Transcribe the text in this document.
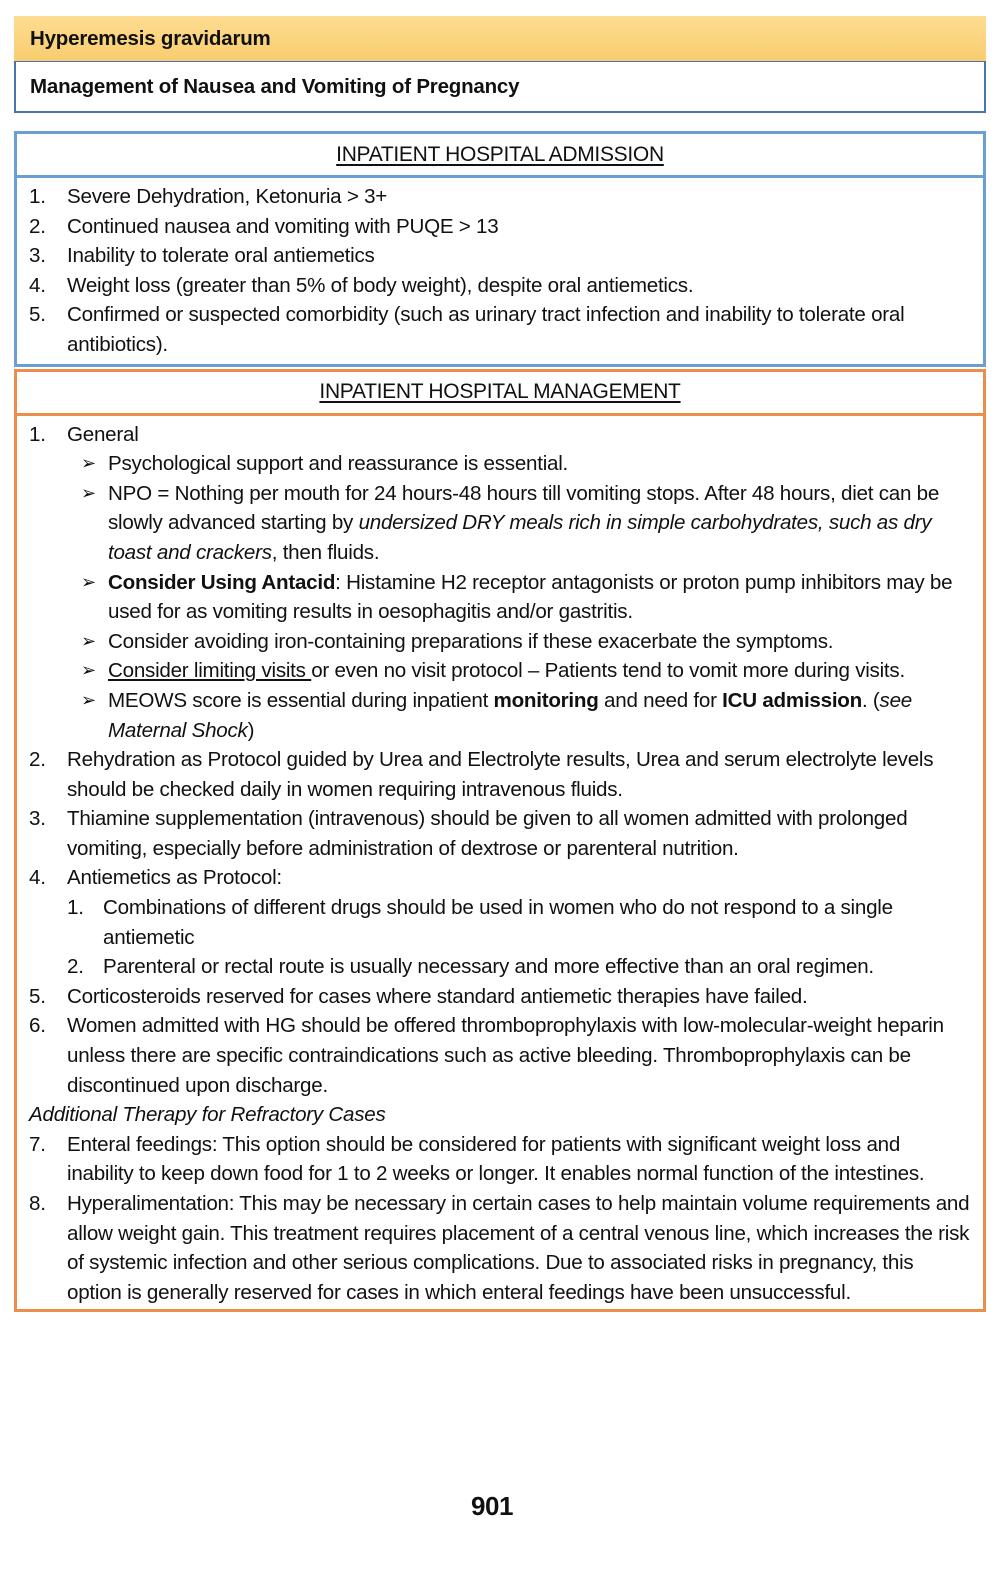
Hyperemesis gravidarum
Management of Nausea and Vomiting of Pregnancy
INPATIENT HOSPITAL ADMISSION
1.	Severe Dehydration, Ketonuria > 3+
2.	Continued nausea and vomiting with PUQE > 13
3.	Inability to tolerate oral antiemetics
4.	Weight loss (greater than 5% of body weight), despite oral antiemetics.
5.	Confirmed or suspected comorbidity (such as urinary tract infection and inability to tolerate oral antibiotics).
INPATIENT HOSPITAL MANAGEMENT
1.	General
➢ Psychological support and reassurance is essential.
➢ NPO = Nothing per mouth for 24 hours-48 hours till vomiting stops. After 48 hours, diet can be slowly advanced starting by undersized DRY meals rich in simple carbohydrates, such as dry toast and crackers, then fluids.
➢ Consider Using Antacid: Histamine H2 receptor antagonists or proton pump inhibitors may be used for as vomiting results in oesophagitis and/or gastritis.
➢ Consider avoiding iron-containing preparations if these exacerbate the symptoms.
➢ Consider limiting visits or even no visit protocol – Patients tend to vomit more during visits.
➢ MEOWS score is essential during inpatient monitoring and need for ICU admission. (see Maternal Shock)
2.	Rehydration as Protocol guided by Urea and Electrolyte results, Urea and serum electrolyte levels should be checked daily in women requiring intravenous fluids.
3.	Thiamine supplementation (intravenous) should be given to all women admitted with prolonged vomiting, especially before administration of dextrose or parenteral nutrition.
4.	Antiemetics as Protocol:
1. Combinations of different drugs should be used in women who do not respond to a single antiemetic
2. Parenteral or rectal route is usually necessary and more effective than an oral regimen.
5.	Corticosteroids reserved for cases where standard antiemetic therapies have failed.
6.	Women admitted with HG should be offered thromboprophylaxis with low-molecular-weight heparin unless there are specific contraindications such as active bleeding. Thromboprophylaxis can be discontinued upon discharge.
Additional Therapy for Refractory Cases
7.	Enteral feedings: This option should be considered for patients with significant weight loss and inability to keep down food for 1 to 2 weeks or longer. It enables normal function of the intestines.
8.	Hyperalimentation: This may be necessary in certain cases to help maintain volume requirements and allow weight gain. This treatment requires placement of a central venous line, which increases the risk of systemic infection and other serious complications. Due to associated risks in pregnancy, this option is generally reserved for cases in which enteral feedings have been unsuccessful.
901
